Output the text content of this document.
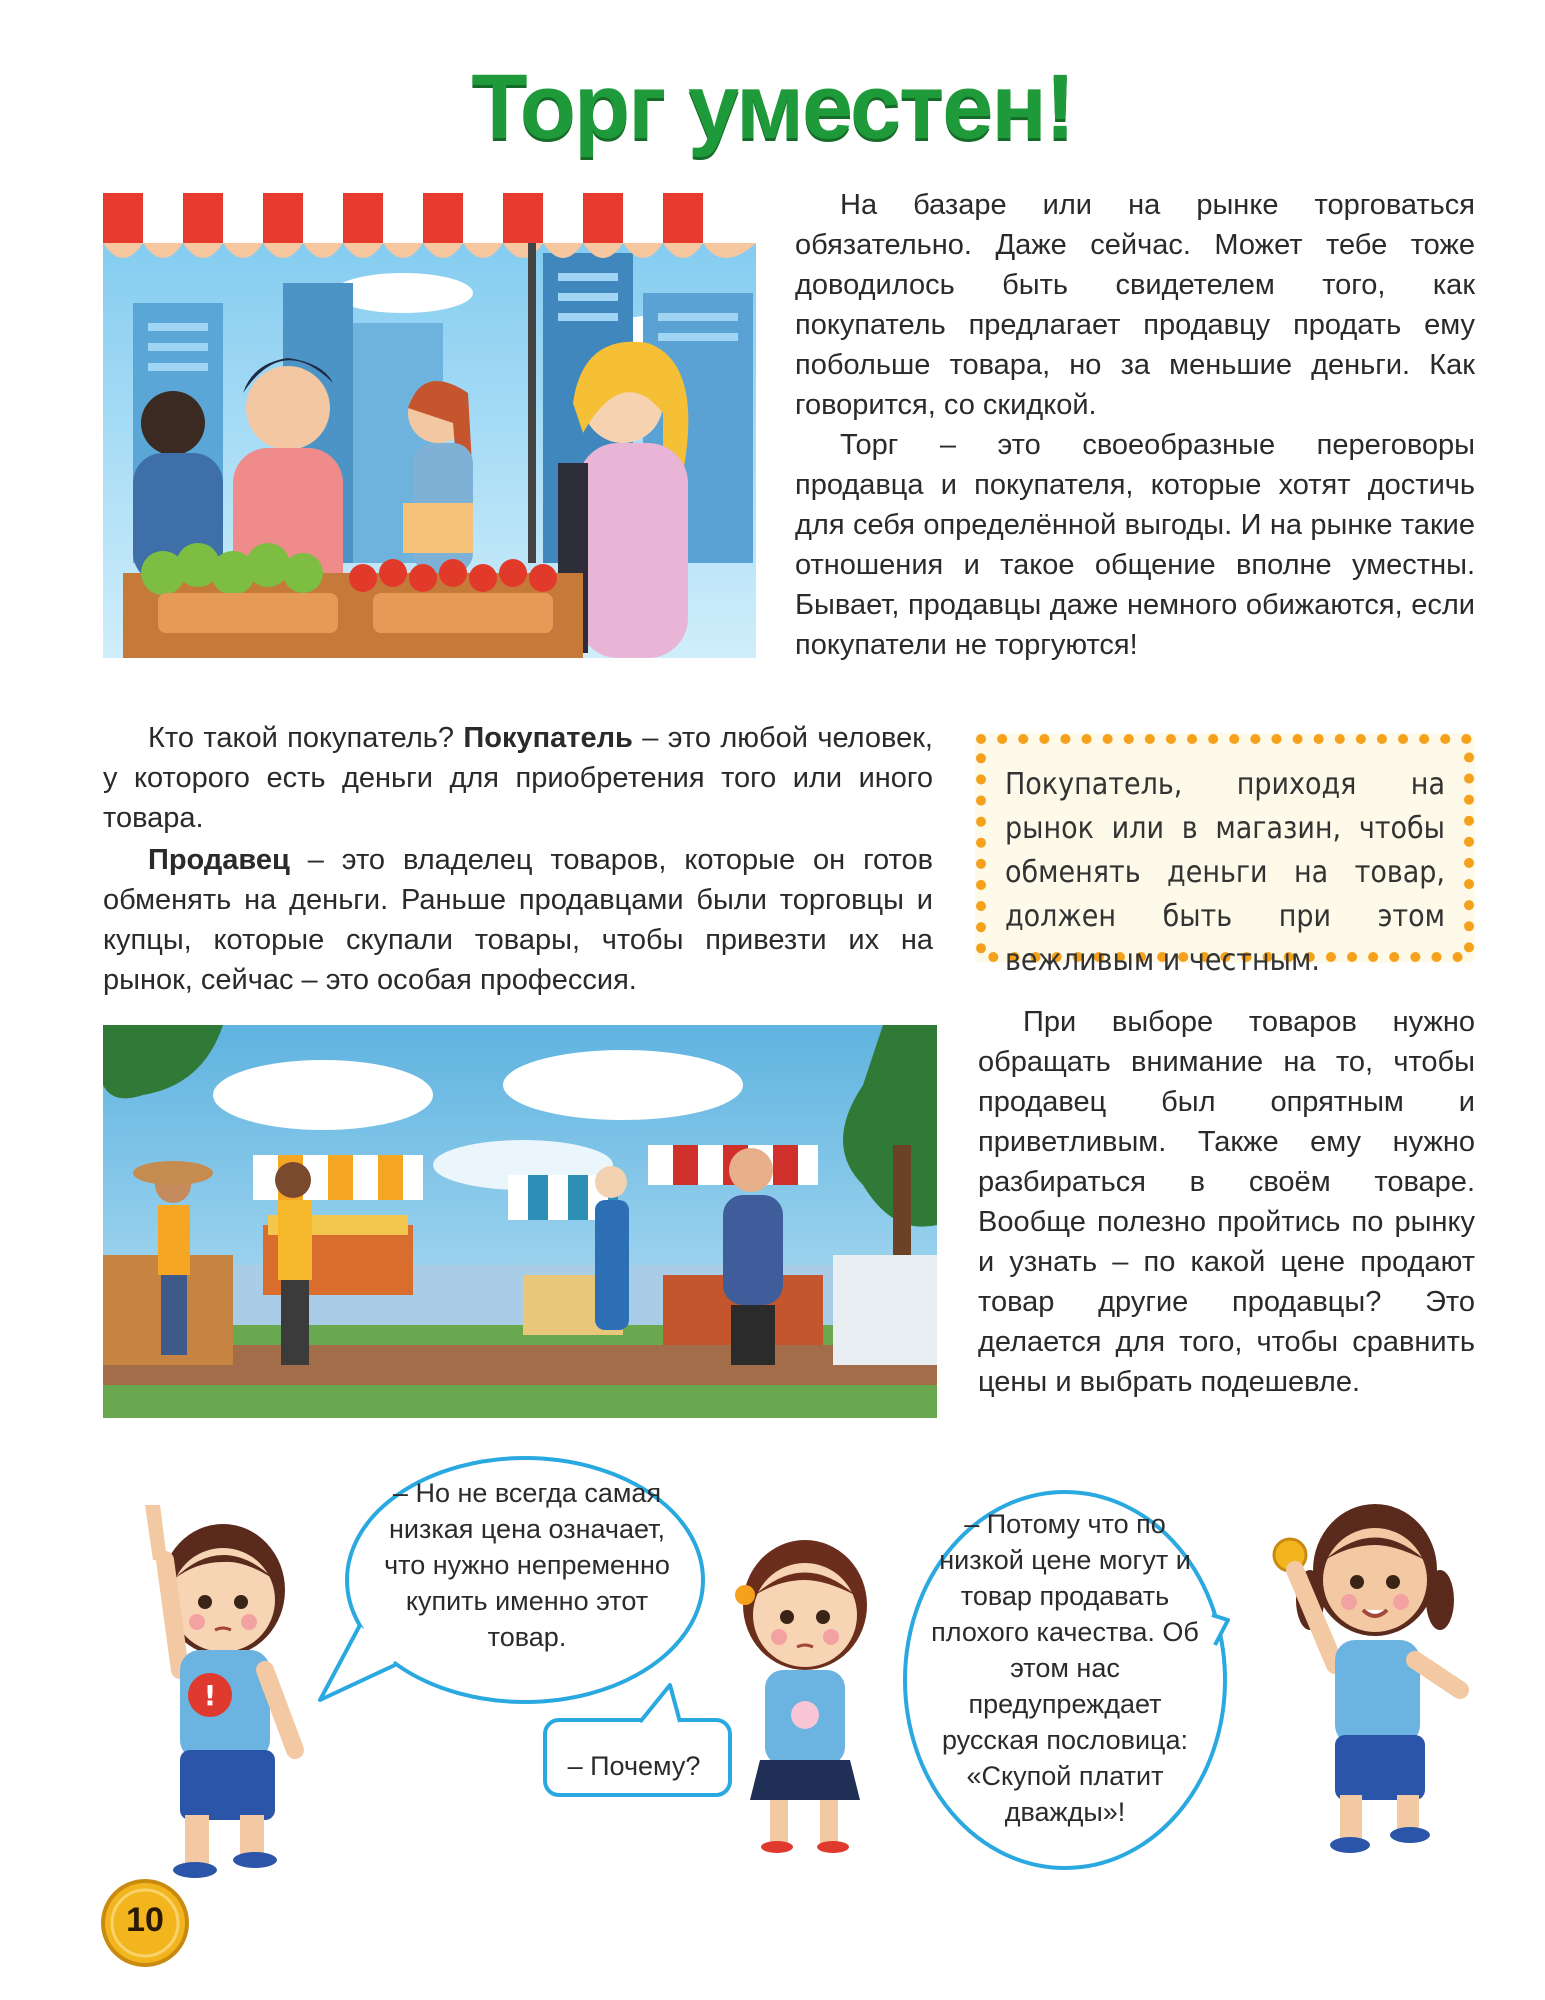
Торг уместен!

На базаре или на рынке торговаться обязательно. Даже сейчас. Может тебе тоже доводилось быть свидетелем того, как покупатель предлагает продавцу продать ему побольше товара, но за меньшие деньги. Как говорится, со скидкой.

Торг – это своеобразные переговоры продавца и покупателя, которые хотят достичь для себя определённой выгоды. И на рынке такие отношения и такое общение вполне уместны. Бывает, продавцы даже немного обижаются, если покупатели не торгуются!

Кто такой покупатель? Покупатель – это любой человек, у которого есть деньги для приобретения того или иного товара.

Продавец – это владелец товаров, которые он готов обменять на деньги. Раньше продавцами были торговцы и купцы, которые скупали товары, чтобы привезти их на рынок, сейчас – это особая профессия.

Покупатель, приходя на рынок или в магазин, чтобы обменять деньги на товар, должен быть при этом вежливым и честным.

При выборе товаров нужно обращать внимание на то, чтобы продавец был опрятным и приветливым. Также ему нужно разбираться в своём товаре. Вообще полезно пройтись по рынку и узнать – по какой цене продают товар другие продавцы? Это делается для того, чтобы сравнить цены и выбрать подешевле.

– Но не всегда самая низкая цена означает, что нужно непременно купить именно этот товар.
– Почему?
– Потому что по низкой цене могут и товар продавать плохого качества. Об этом нас предупреждает русская пословица: «Скупой платит дважды»!
!
10
